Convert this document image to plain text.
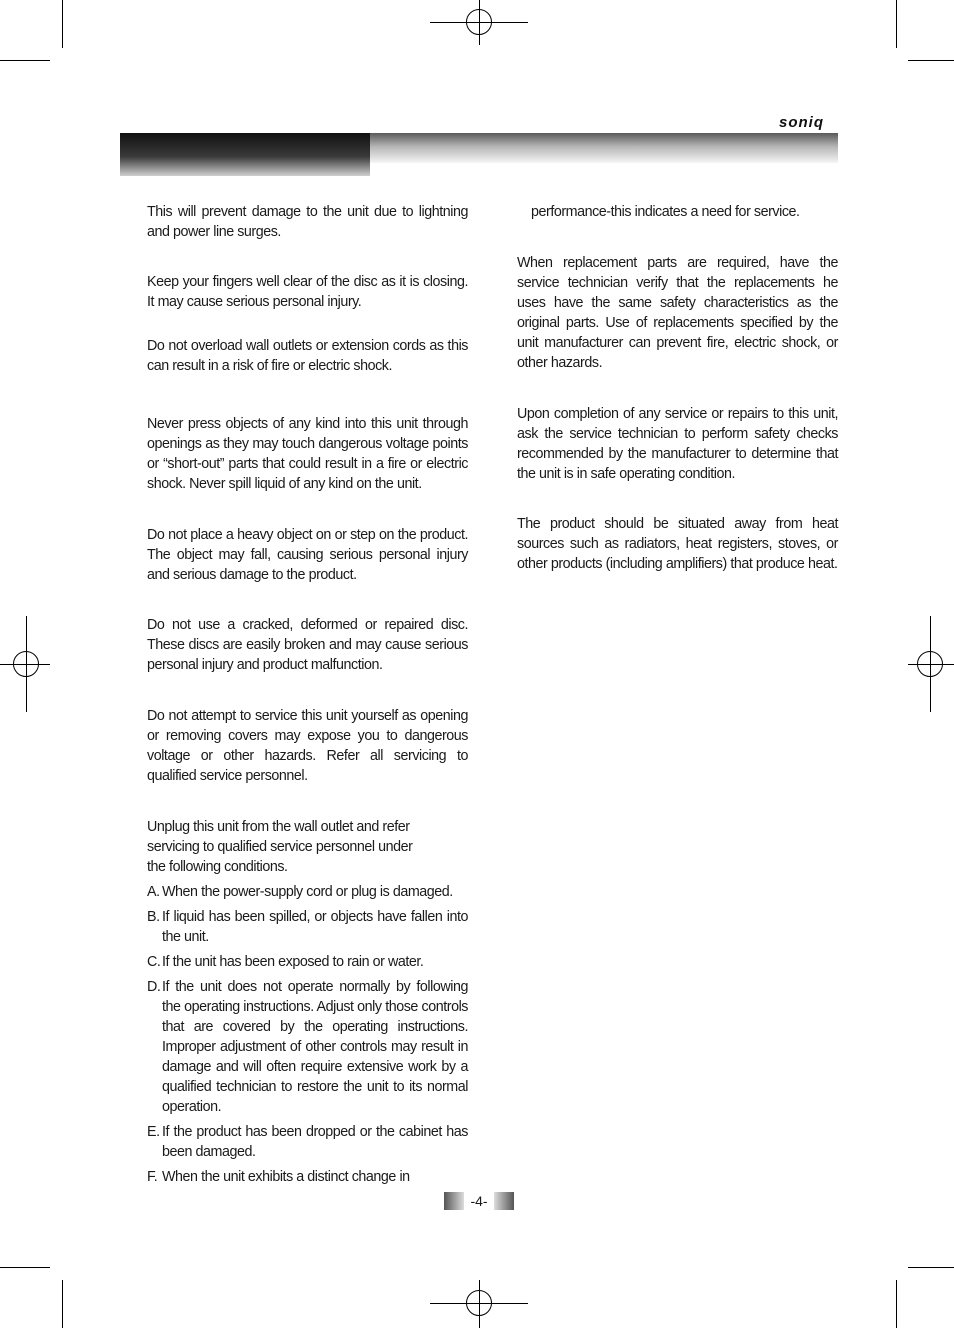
soniq

This will prevent damage to the unit due to lightning and power line surges.

Keep your fingers well clear of the disc as it is closing. It may cause serious personal injury.

Do not overload wall outlets or extension cords as this can result in a risk of fire or electric shock.

Never press objects of any kind into this unit through openings as they may touch dangerous voltage points or “short-out” parts that could result in a fire or electric shock. Never spill liquid of any kind on the unit.

Do not place a heavy object on or step on the product. The object may fall, causing serious personal injury and serious damage to the product.

Do not use a cracked, deformed or repaired disc. These discs are easily broken and may cause serious personal injury and product malfunction.

Do not attempt to service this unit yourself as opening or removing covers may expose you to dangerous voltage or other hazards. Refer all servicing to qualified service personnel.

Unplug this unit from the wall outlet and refer servicing to qualified service personnel under the following conditions.

A. When the power-supply cord or plug is damaged.
B. If liquid has been spilled, or objects have fallen into the unit.
C. If the unit has been exposed to rain or water.
D. If the unit does not operate normally by following the operating instructions. Adjust only those controls that are covered by the operating instructions. Improper adjustment of other controls may result in damage and will often require extensive work by a qualified technician to restore the unit to its normal operation.
E. If the product has been dropped or the cabinet has been damaged.
F. When the unit exhibits a distinct change in

performance-this indicates a need for service.

When replacement parts are required, have the service technician verify that the replacements he uses have the same safety characteristics as the original parts. Use of replacements specified by the unit manufacturer can prevent fire, electric shock, or other hazards.

Upon completion of any service or repairs to this unit, ask the service technician to perform safety checks recommended by the manufacturer to determine that the unit is in safe operating condition.

The product should be situated away from heat sources such as radiators, heat registers, stoves, or other products (including amplifiers) that produce heat.

-4-
